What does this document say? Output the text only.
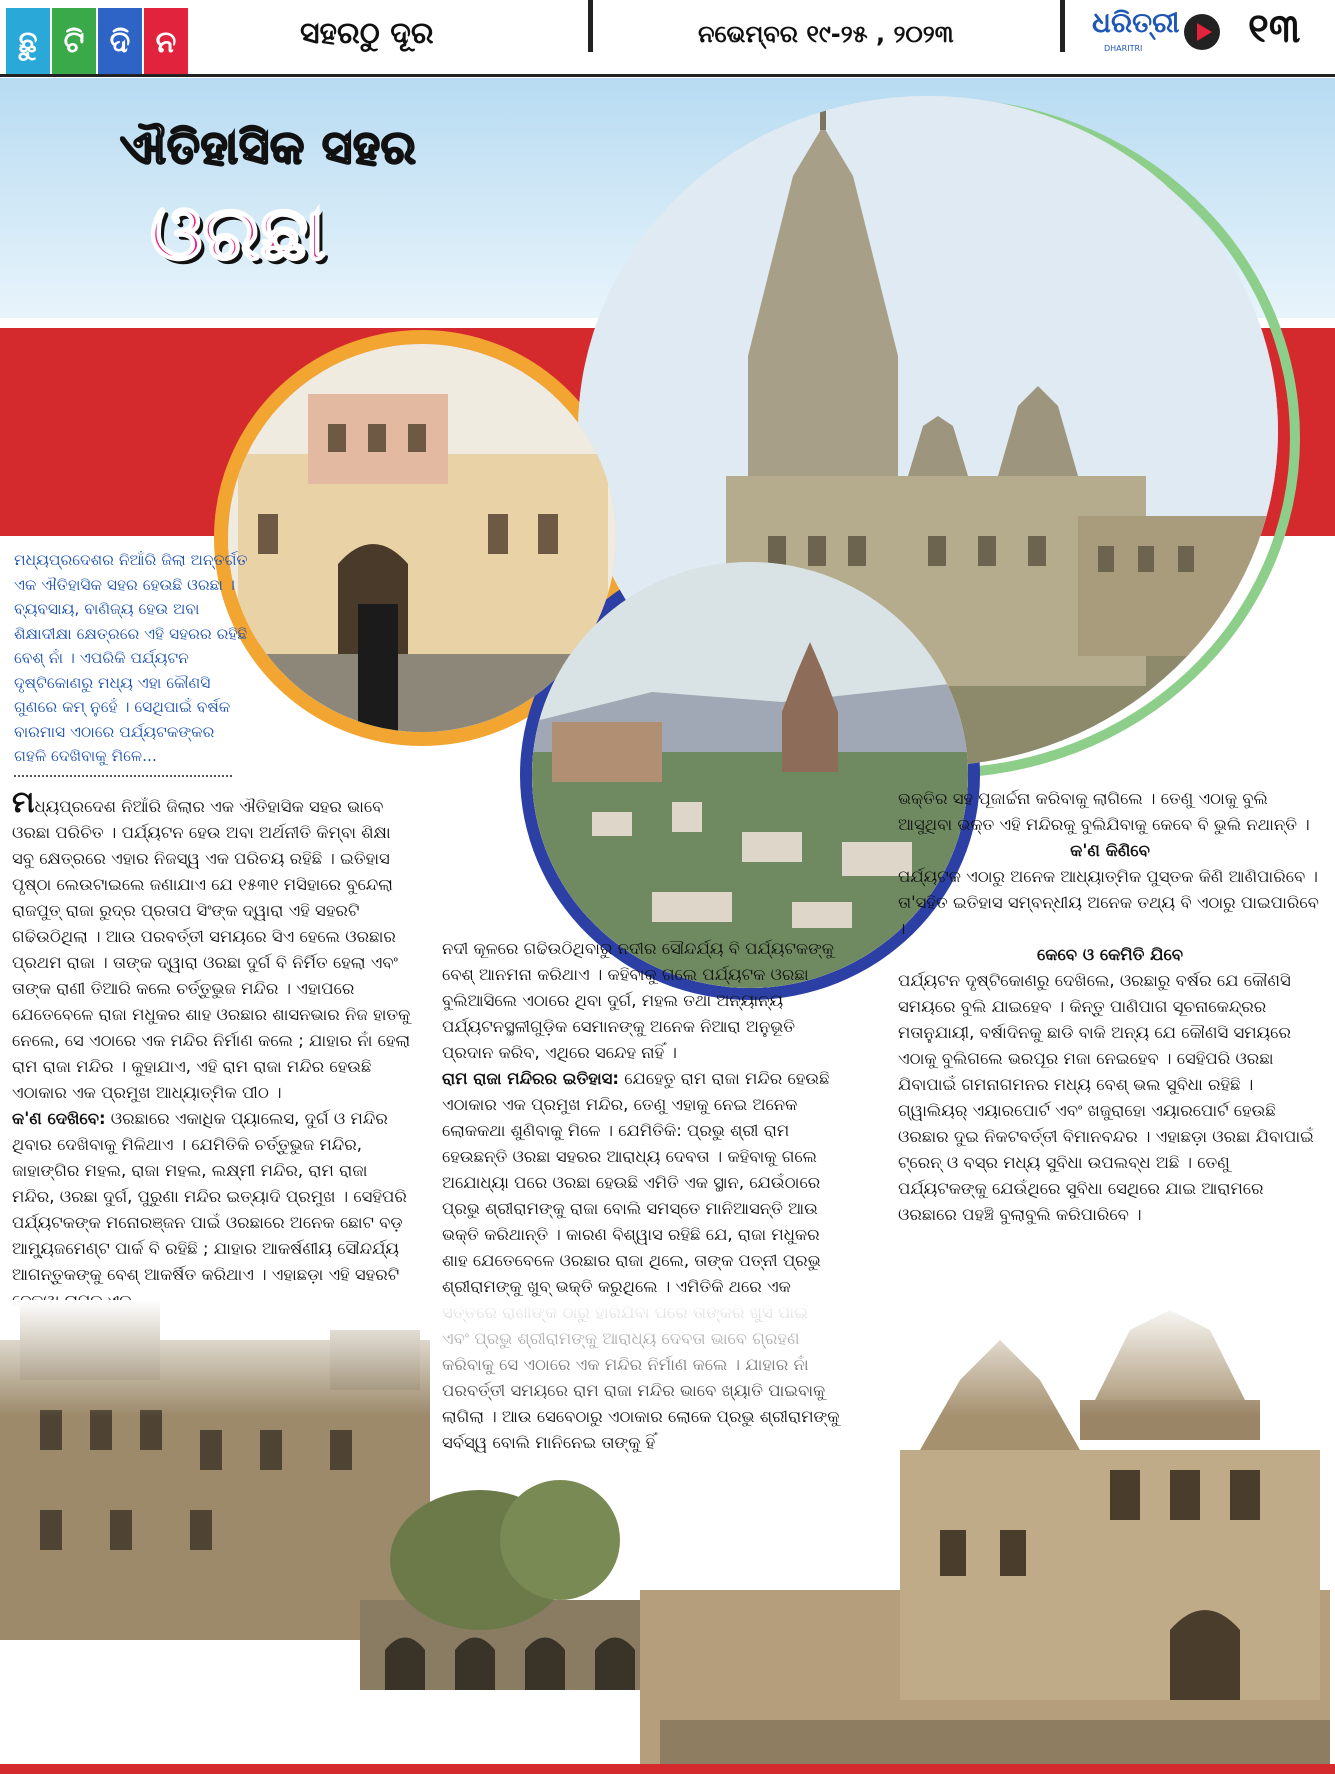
ଛୁ ଟି ଦି ନ	ସହରଠୁ ଦୂର	ନଭେମ୍ବର ୧୯-୨୫ , ୨୦୨୩	ଧରିତ୍ରୀ
DHARITRI	୧୩
ଐତିହାସିକ ସହର
ଓରଛା
ମଧ୍ୟପ୍ରଦେଶର ନିଆଁରି ଜିଲା ଅନ୍ତର୍ଗତ ଏକ ଐତିହାସିକ ସହର ହେଉଛି ଓରଛା । ବ୍ୟବସାୟ, ବାଣିଜ୍ୟ ହେଉ ଅବା ଶିକ୍ଷାଦୀକ୍ଷା କ୍ଷେତ୍ରରେ ଏହି ସହରର ରହିଛି ବେଶ୍ ନାଁ । ଏପରିକି ପର୍ଯ୍ୟଟନ ଦୃଷ୍ଟିକୋଣରୁ ମଧ୍ୟ ଏହା କୌଣସି ଗୁଣରେ କମ୍ ନୁହେଁ । ସେଥିପାଇଁ ବର୍ଷକ ବାରମାସ ଏଠାରେ ପର୍ଯ୍ୟଟକଙ୍କର ଗହଳି ଦେଖିବାକୁ ମିଳେ...

ମଧ୍ୟପ୍ରଦେଶ ନିଆଁରି ଜିଲାର ଏକ ଐତିହାସିକ ସହର ଭାବେ ଓରଛା ପରିଚିତ । ପର୍ଯ୍ୟଟନ ହେଉ ଅବା ଅର୍ଥନୀତି କିମ୍ବା ଶିକ୍ଷା ସବୁ କ୍ଷେତ୍ରରେ ଏହାର ନିଜସ୍ୱ ଏକ ପରିଚୟ ରହିଛି । ଇତିହାସ ପୃଷ୍ଠା ଲେଉଟାଇଲେ ଜଣାଯାଏ ଯେ ୧୫୩୧ ମସିହାରେ ବୁନ୍ଦେଲା ରାଜପୁତ୍ ରାଜା ରୁଦ୍ର ପ୍ରତାପ ସିଂଙ୍କ ଦ୍ୱାରା ଏହି ସହରଟି ଗଢିଉଠିଥିଲା । ଆଉ ପରବର୍ତ୍ତୀ ସମୟରେ ସିଏ ହେଲେ ଓରଛାର ପ୍ରଥମ ରାଜା । ତାଙ୍କ ଦ୍ୱାରା ଓରଛା ଦୁର୍ଗ ବି ନିର୍ମିତ ହେଲା ଏବଂ ତାଙ୍କ ରାଣୀ ତିଆରି କଲେ ଚର୍ତ୍ତୁଭୁଜ ମନ୍ଦିର । ଏହାପରେ ଯେତେବେଳେ ରାଜା ମଧୁକର ଶାହ ଓରଛାର ଶାସନଭାର ନିଜ ହାତକୁ ନେଲେ, ସେ ଏଠାରେ ଏକ ମନ୍ଦିର ନିର୍ମାଣ କଲେ ; ଯାହାର ନାଁ ହେଲା ରାମ ରାଜା ମନ୍ଦିର । କୁହାଯାଏ, ଏହି ରାମ ରାଜା ମନ୍ଦିର ହେଉଛି ଏଠାକାର ଏକ ପ୍ରମୁଖ ଆଧ୍ୟାତ୍ମିକ ପୀଠ ।

କ'ଣ ଦେଖିବେ: ଓରଛାରେ ଏକାଧିକ ପ୍ୟାଲେସ, ଦୁର୍ଗ ଓ ମନ୍ଦିର ଥିବାର ଦେଖିବାକୁ ମିଳିଥାଏ । ଯେମିତିକି ଚର୍ତ୍ତୁଭୁଜ ମନ୍ଦିର, ଜାହାଙ୍ଗିର ମହଲ, ରାଜା ମହଲ, ଲକ୍ଷ୍ମୀ ମନ୍ଦିର, ରାମ ରାଜା ମନ୍ଦିର, ଓରଛା ଦୁର୍ଗ, ପୁରୁଣା ମନ୍ଦିର ଇତ୍ୟାଦି ପ୍ରମୁଖ । ସେହିପରି ପର୍ଯ୍ୟଟକଙ୍କ ମନୋରଞ୍ଜନ ପାଇଁ ଓରଛାରେ ଅନେକ ଛୋଟ ବଡ଼ ଆମ୍ୟୁଜମେଣ୍ଟ ପାର୍କ ବି ରହିଛି ; ଯାହାର ଆକର୍ଷଣୀୟ ସୌନ୍ଦର୍ଯ୍ୟ ଆଗନ୍ତୁକଙ୍କୁ ବେଶ୍ ଆକର୍ଷିତ କରିଥାଏ । ଏହାଛଡ଼ା ଏହି ସହରଟି

ନଦୀ କୂଳରେ ଗଢିଉଠିଥିବାରୁ ନଦୀର ସୌନ୍ଦର୍ଯ୍ୟ ବି ପର୍ଯ୍ୟଟକଙ୍କୁ ବେଶ୍ ଆନମନା କରିଥାଏ । କହିବାକୁ ଗଲେ ପର୍ଯ୍ୟଟକ ଓରଛା ବୁଲିଆସିଲେ ଏଠାରେ ଥିବା ଦୁର୍ଗ, ମହଲ ତଥା ଅନ୍ୟାନ୍ୟ ପର୍ଯ୍ୟଟନସ୍ଥଳୀଗୁଡ଼ିକ ସେମାନଙ୍କୁ ଅନେକ ନିଆରା ଅନୁଭୂତି ପ୍ରଦାନ କରିବ, ଏଥିରେ ସନ୍ଦେହ ନାହିଁ ।

ରାମ ରାଜା ମନ୍ଦିରର ଇତିହାସ: ଯେହେତୁ ରାମ ରାଜା ମନ୍ଦିର ହେଉଛି ଏଠାକାର ଏକ ପ୍ରମୁଖ ମନ୍ଦିର, ତେଣୁ ଏହାକୁ ନେଇ ଅନେକ ଲୋକକଥା ଶୁଣିବାକୁ ମିଳେ । ଯେମିତିକି: ପ୍ରଭୁ ଶ୍ରୀ ରାମ ହେଉଛନ୍ତି ଓରଛା ସହରର ଆରାଧ୍ୟ ଦେବତା । କହିବାକୁ ଗଲେ ଅଯୋଧ୍ୟା ପରେ ଓରଛା ହେଉଛି ଏମିତି ଏକ ସ୍ଥାନ, ଯେଉଁଠାରେ ପ୍ରଭୁ ଶ୍ରୀରାମଙ୍କୁ ରାଜା ବୋଲି ସମସ୍ତେ ମାନିଆସନ୍ତି ଆଉ ଭକ୍ତି କରିଥାନ୍ତି । କାରଣ ବିଶ୍ୱାସ ରହିଛି ଯେ, ରାଜା ମଧୁକର ଶାହ ଯେତେବେଳେ ଓରଛାର ରାଜା ଥିଲେ, ତାଙ୍କ ପତ୍ନୀ ପ୍ରଭୁ ଶ୍ରୀରାମଙ୍କୁ ଖୁବ୍ ଭକ୍ତି କରୁଥିଲେ । ଏମିତିକି ଥରେ ଏକ

ଭକ୍ତିର ସହ ପୂଜାର୍ଚ୍ଚନା କରିବାକୁ ଲାଗିଲେ । ତେଣୁ ଏଠାକୁ ବୁଲି ଆସୁଥିବା ଭକ୍ତ ଏହି ମନ୍ଦିରକୁ ବୁଲିଯିବାକୁ କେବେ ବି ଭୁଲି ନଥାନ୍ତି ।

କ'ଣ କିଣିବେ

ପର୍ଯ୍ୟଟକ ଏଠାରୁ ଅନେକ ଆଧ୍ୟାତ୍ମିକ ପୁସ୍ତକ କିଣି ଆଣିପାରିବେ । ତା'ସହିତ ଇତିହାସ ସମ୍ବନ୍ଧୀୟ ଅନେକ ତଥ୍ୟ ବି ଏଠାରୁ ପାଇପାରିବେ ।

କେବେ ଓ କେମିତି ଯିବେ

ପର୍ଯ୍ୟଟନ ଦୃଷ୍ଟିକୋଣରୁ ଦେଖିଲେ, ଓରଛାରୁ ବର୍ଷର ଯେ କୌଣସି ସମୟରେ ବୁଲି ଯାଇହେବ । କିନ୍ତୁ ପାଣିପାଗ ସୂଚନାକେନ୍ଦ୍ରର ମତାନୁଯାୟୀ, ବର୍ଷାଦିନକୁ ଛାଡି ବାକି ଅନ୍ୟ ଯେ କୌଣସି ସମୟରେ ଏଠାକୁ ବୁଲିଗଲେ ଭରପୂର ମଜା ନେଇହେବ । ସେହିପରି ଓରଛା ଯିବାପାଇଁ ଗମନାଗମନର ମଧ୍ୟ ବେଶ୍ ଭଲ ସୁବିଧା ରହିଛି । ଗ୍ୱାଲିୟର୍ ଏୟାରପୋର୍ଟ ଏବଂ ଖଜୁରାହୋ ଏୟାରପୋର୍ଟ ହେଉଛି ଓରଛାର ଦୁଇ ନିକଟବର୍ତ୍ତୀ ବିମାନବନ୍ଦର । ଏହାଛଡ଼ା ଓରଛା ଯିବାପାଇଁ ଟ୍ରେନ୍ ଓ ବସ୍‌ର ମଧ୍ୟ ସୁବିଧା ଉପଲବ୍ଧ ଅଛି । ତେଣୁ ପର୍ଯ୍ୟଟକଙ୍କୁ ଯେଉଁଥିରେ ସୁବିଧା ସେଥିରେ ଯାଇ ଆରାମରେ ଓରଛାରେ ପହଞ୍ଚି ବୁଲାବୁଲି କରିପାରିବେ ।
